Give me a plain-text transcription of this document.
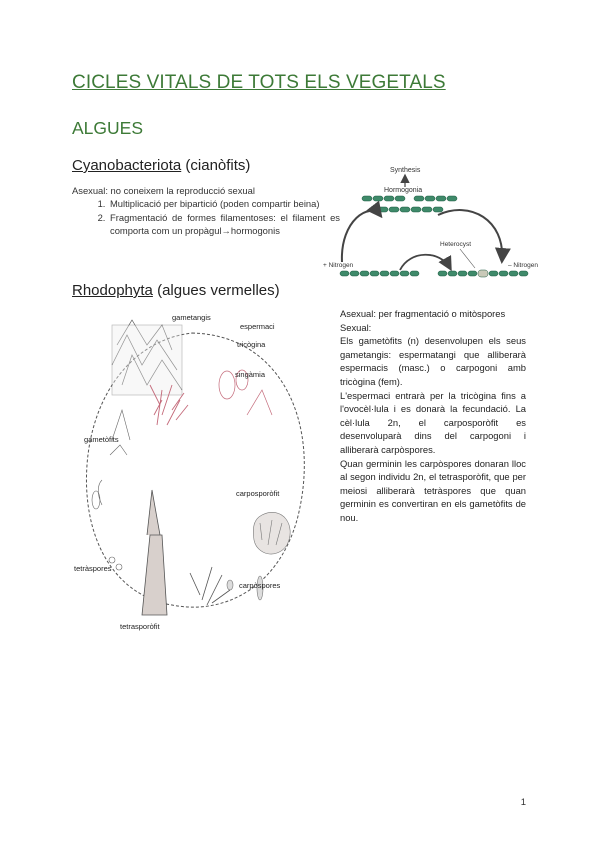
CICLES VITALS DE TOTS ELS VEGETALS
ALGUES
Cyanobacteriota (cianòfits)
Asexual: no coneixem la reproducció sexual
1. Multiplicació per bipartició (poden compartir beina)
2. Fragmentació de formes filamentoses: el filament es comporta com un propàgul→hormogonis
Synthesis
Hormogonia
Heterocyst
+ Nitrogen	– Nitrogen
Rhodophyta (algues vermelles)
gametangis
espermaci
tricògina
singàmia
gametòfits
carposporòfit
tetràspores
carpòspores
tetrasporòfit

Asexual: per fragmentació o mitòspores

Sexual:

Els gametòfits (n) desenvolupen els seus gametangis: espermatangi que alliberarà espermacis (masc.) o carpogoni amb tricògina (fem).

L'espermaci entrarà per la tricògina fins a l'ovocèl·lula i es donarà la fecundació. La cèl·lula 2n, el carposporòfit es desenvoluparà dins del carpogoni i alliberarà carpòspores.

Quan germinin les carpòspores donaran lloc al segon individu 2n, el tetrasporòfit, que per meiosi alliberarà tetràspores que quan germinin es convertiran en els gametòfits de nou.

1
